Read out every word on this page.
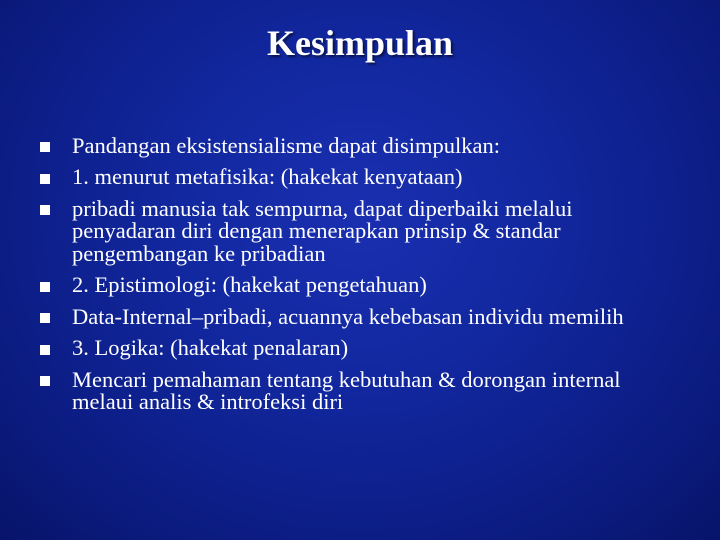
Kesimpulan
Pandangan eksistensialisme dapat disimpulkan:
1. menurut metafisika: (hakekat kenyataan)
pribadi manusia tak sempurna, dapat diperbaiki melalui penyadaran diri dengan menerapkan prinsip & standar pengembangan ke pribadian
2. Epistimologi: (hakekat pengetahuan)
Data-Internal–pribadi, acuannya kebebasan individu memilih
3. Logika: (hakekat penalaran)
Mencari pemahaman tentang kebutuhan & dorongan internal melaui analis & introfeksi diri
